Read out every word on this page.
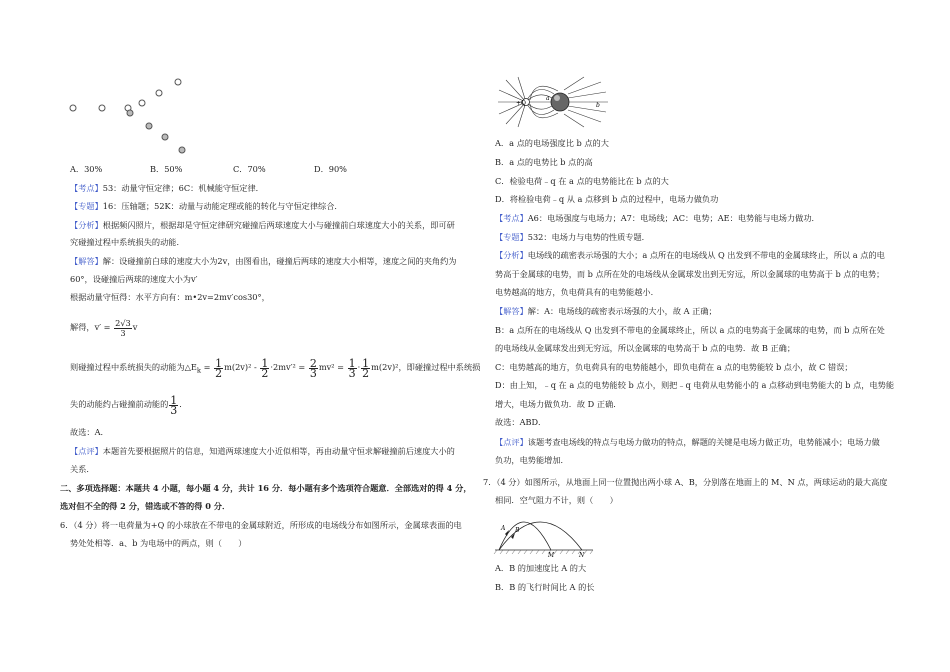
A．30%	B．50%	C．70%	D．90%
【考点】53：动量守恒定律；6C：机械能守恒定律．
【专题】16：压轴题；52K：动量与动能定理或能的转化与守恒定律综合．
【分析】根据频闪照片，根据却是守恒定律研究碰撞后两球速度大小与碰撞前白球速度大小的关系，即可研
究碰撞过程中系统损失的动能．
【解答】解：设碰撞前白球的速度大小为2v，由图看出，碰撞后两球的速度大小相等，速度之间的夹角约为
60°，设碰撞后两球的速度大小为v′
根据动量守恒得：水平方向有：m•2v=2mv′cos30°，
解得，$v' = \frac{2√3}{3}$ v
则碰撞过程中系统损失的动能为$\triangle E_k = \frac{1}{2} m(2v)^2 - \frac{1}{2} \cdot 2mv'^2 = \frac{2}{3} mv^2 = \frac{1}{3} \cdot \frac{1}{2} m(2v)^2$，即碰撞过程中系统损
失的动能约占碰撞前动能的 $\frac{1}{3}$ ．
故选：A．
【点评】本题首先要根据照片的信息，知道两球速度大小近似相等，再由动量守恒求解碰撞前后速度大小的
关系．
二、多项选择题：本题共 4 小题，每小题 4 分，共计 16 分．每小题有多个选项符合题意．全部选对的得 4 分，
选对但不全的得 2 分，错选或不答的得 0 分．
6．（4 分）将一电荷量为+Q 的小球放在不带电的金属球附近，所形成的电场线分布如图所示，金属球表面的电
势处处相等．a、b 为电场中的两点，则（　　）
+Q
a
b
A．a 点的电场强度比 b 点的大
B．a 点的电势比 b 点的高
C．检验电荷﹣q 在 a 点的电势能比在 b 点的大
D．将检验电荷﹣q 从 a 点移到 b 点的过程中，电场力做负功
【考点】A6：电场强度与电场力；A7：电场线；AC：电势；AE：电势能与电场力做功．
【专题】532：电场力与电势的性质专题．
【分析】电场线的疏密表示场强的大小；a 点所在的电场线从 Q 出发到不带电的金属球终止，所以 a 点的电
势高于金属球的电势，而 b 点所在处的电场线从金属球发出到无穷远，所以金属球的电势高于 b 点的电势；
电势越高的地方，负电荷具有的电势能越小．
【解答】解：A：电场线的疏密表示场强的大小，故 A 正确；
B：a 点所在的电场线从 Q 出发到不带电的金属球终止，所以 a 点的电势高于金属球的电势，而 b 点所在处
的电场线从金属球发出到无穷远，所以金属球的电势高于 b 点的电势．故 B 正确；
C：电势越高的地方，负电荷具有的电势能越小，即负电荷在 a 点的电势能较 b 点小，故 C 错误；
D：由上知，﹣q 在 a 点的电势能较 b 点小，则把﹣q 电荷从电势能小的 a 点移动到电势能大的 b 点，电势能
增大，电场力做负功．故 D 正确．
故选：ABD．
【点评】该题考查电场线的特点与电场力做功的特点，解题的关键是电场力做正功，电势能减小；电场力做
负功，电势能增加．
7．（4 分）如图所示，从地面上同一位置抛出两小球 A、B，分别落在地面上的 M、N 点，两球运动的最大高度
相同．空气阻力不计，则（　　）
A B
M	N
A．B 的加速度比 A 的大
B．B 的飞行时间比 A 的长
